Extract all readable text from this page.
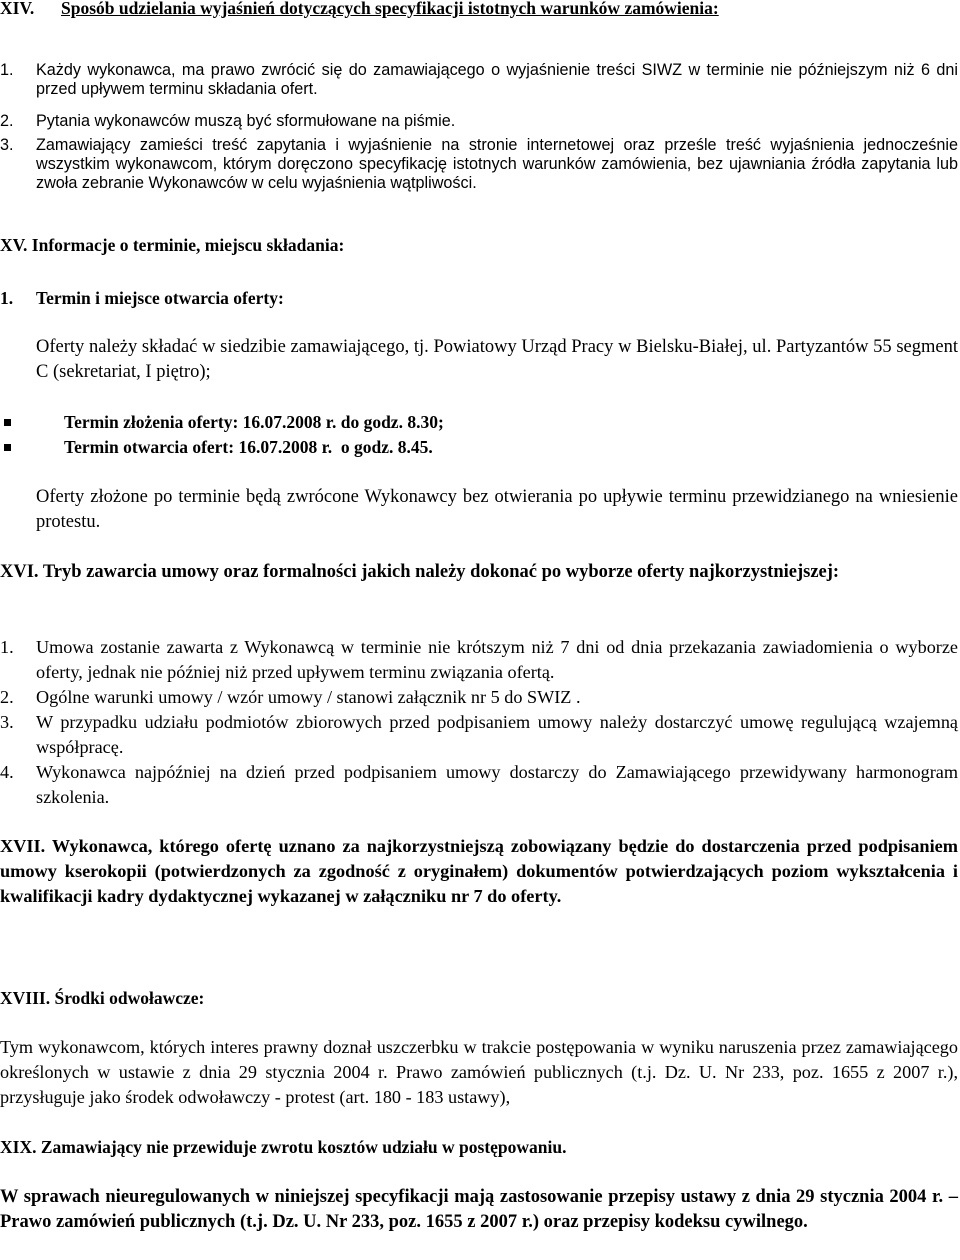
XIV. Sposób udzielania wyjaśnień dotyczących specyfikacji istotnych warunków zamówienia:
1. Każdy wykonawca, ma prawo zwrócić się do zamawiającego o wyjaśnienie treści SIWZ w terminie nie późniejszym niż 6 dni przed upływem terminu składania ofert.
2. Pytania wykonawców muszą być sformułowane na piśmie.
3. Zamawiający zamieści treść zapytania i wyjaśnienie na stronie internetowej oraz prześle treść wyjaśnienia jednocześnie wszystkim wykonawcom, którym doręczono specyfikację istotnych warunków zamówienia, bez ujawniania źródła zapytania lub zwoła zebranie Wykonawców w celu wyjaśnienia wątpliwości.
XV. Informacje o terminie, miejscu składania:
1. Termin i miejsce otwarcia oferty:
Oferty należy składać w siedzibie zamawiającego, tj. Powiatowy Urząd Pracy w Bielsku-Białej, ul. Partyzantów 55 segment C (sekretariat, I piętro);
Termin złożenia oferty: 16.07.2008 r. do godz. 8.30;
Termin otwarcia ofert: 16.07.2008 r.  o godz. 8.45.
Oferty złożone po terminie będą zwrócone Wykonawcy bez otwierania po upływie terminu przewidzianego na wniesienie protestu.
XVI. Tryb zawarcia umowy oraz formalności jakich należy dokonać po wyborze oferty najkorzystniejszej:
1. Umowa zostanie zawarta z Wykonawcą w terminie nie krótszym niż 7 dni od dnia przekazania zawiadomienia o wyborze oferty, jednak nie później niż przed upływem terminu związania ofertą.
2. Ogólne warunki umowy / wzór umowy / stanowi załącznik nr 5 do SWIZ .
3. W przypadku udziału podmiotów zbiorowych przed podpisaniem umowy należy dostarczyć umowę regulującą wzajemną współpracę.
4. Wykonawca najpóźniej na dzień przed podpisaniem umowy dostarczy do Zamawiającego przewidywany harmonogram szkolenia.
XVII. Wykonawca, którego ofertę uznano za najkorzystniejszą zobowiązany będzie do dostarczenia przed podpisaniem umowy kserokopii (potwierdzonych za zgodność z oryginałem) dokumentów potwierdzających poziom wykształcenia i kwalifikacji kadry dydaktycznej wykazanej w załączniku nr 7 do oferty.
XVIII. Środki odwoławcze:
Tym wykonawcom, których interes prawny doznał uszczerbku w trakcie postępowania w wyniku naruszenia przez zamawiającego określonych w ustawie z dnia 29 stycznia 2004 r. Prawo zamówień publicznych (t.j. Dz. U. Nr 233, poz. 1655 z 2007 r.), przysługuje jako środek odwoławczy - protest (art. 180 - 183 ustawy),
XIX. Zamawiający nie przewiduje zwrotu kosztów udziału w postępowaniu.
W sprawach nieuregulowanych w niniejszej specyfikacji mają zastosowanie przepisy ustawy z dnia 29 stycznia 2004 r. – Prawo zamówień publicznych (t.j. Dz. U. Nr 233, poz. 1655 z 2007 r.) oraz przepisy kodeksu cywilnego.
